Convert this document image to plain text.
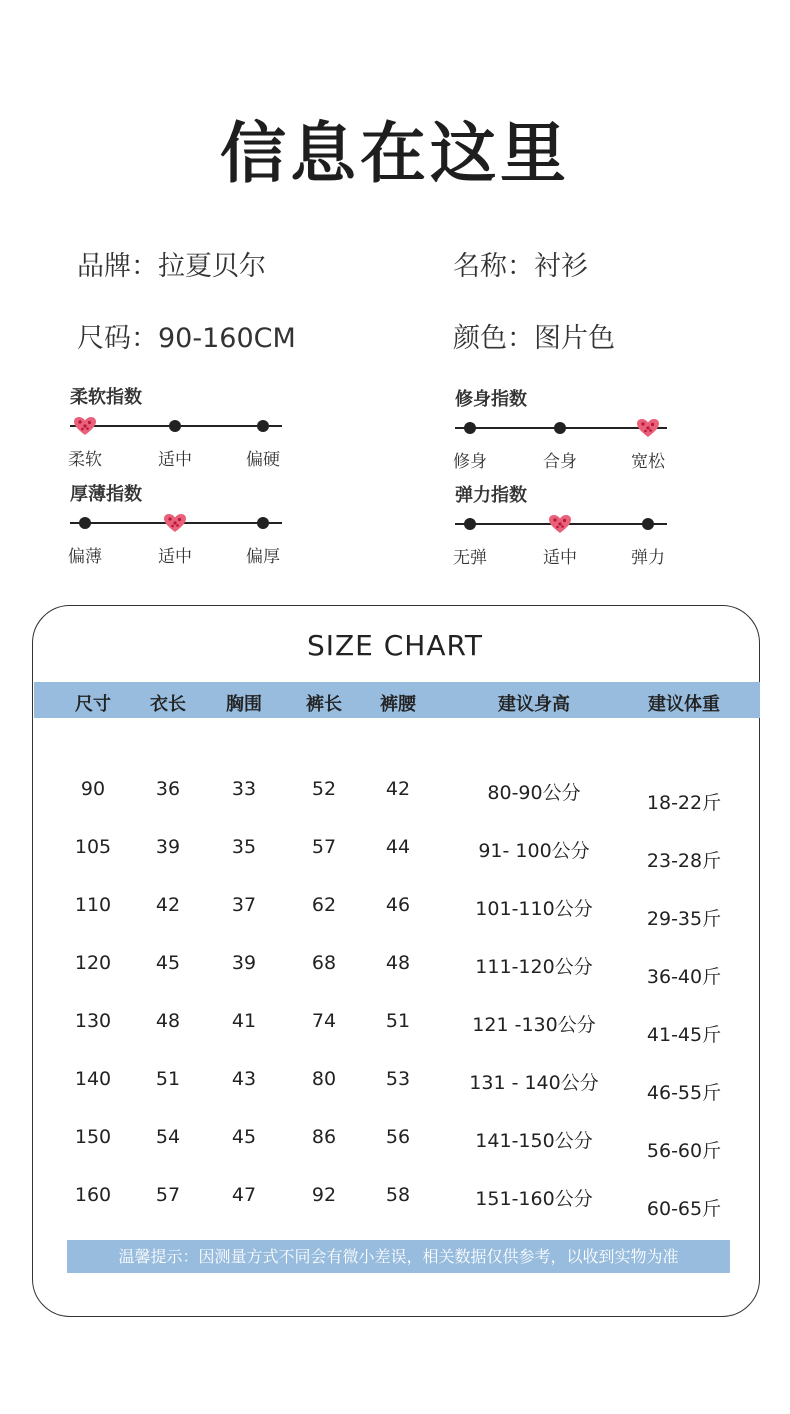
信息在这里
品牌：拉夏贝尔	名称：衬衫
尺码：90-160CM	颜色：图片色
柔软指数
柔软	适中	偏硬
修身指数
修身	合身	宽松
厚薄指数
偏薄	适中	偏厚
弹力指数
无弹	适中	弹力
SIZE CHART
尺寸 衣长 胸围 裤长 裤腰	建议身高	建议体重
90	36	33	52	42	80-90公分	18-22斤
105 39	35	57	44	91- 100公分	23-28斤
110 42	37	62	46	101-110公分	29-35斤
120 45	39	68	48	111-120公分	36-40斤
130 48	41	74	51	121 -130公分	41-45斤
140 51	43	80	53	131 - 140公分	46-55斤
150 54	45	86	56	141-150公分	56-60斤
160 57	47	92	58	151-160公分	60-65斤
温馨提示：因测量方式不同会有微小差误，相关数据仅供参考，以收到实物为准
